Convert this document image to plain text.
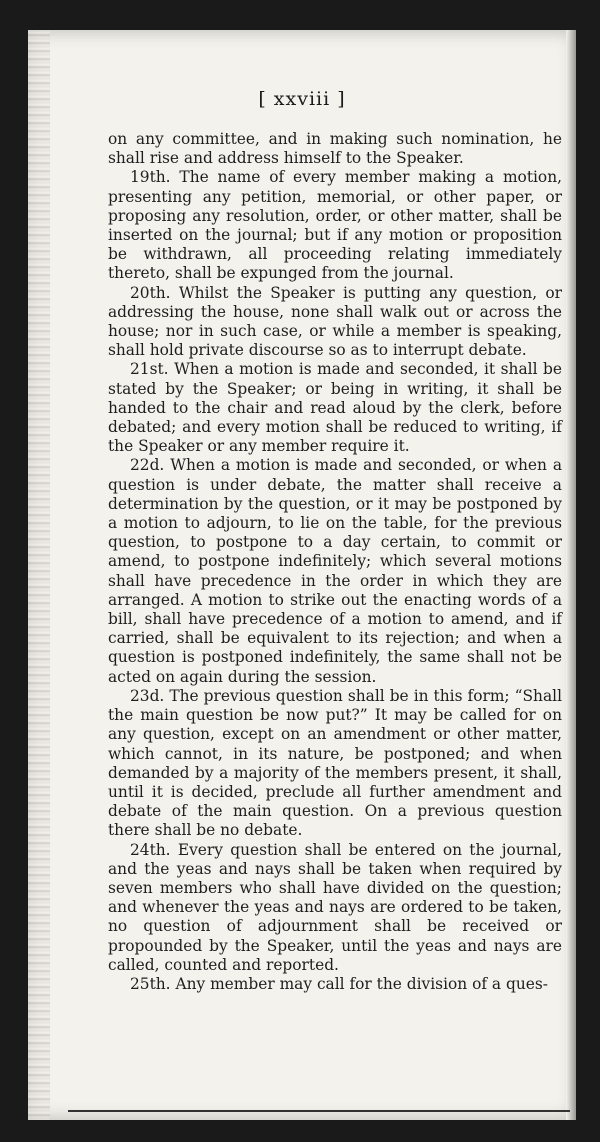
[ xxviii ]

on any committee, and in making such nomination, he shall rise and address himself to the Speaker.

19th. The name of every member making a motion, presenting any petition, memorial, or other paper, or proposing any resolution, order, or other matter, shall be inserted on the journal; but if any motion or proposition be withdrawn, all proceeding relating immediately thereto, shall be expunged from the journal.

20th. Whilst the Speaker is putting any question, or addressing the house, none shall walk out or across the house; nor in such case, or while a member is speaking, shall hold private discourse so as to interrupt debate.

21st. When a motion is made and seconded, it shall be stated by the Speaker; or being in writing, it shall be handed to the chair and read aloud by the clerk, before debated; and every motion shall be reduced to writing, if the Speaker or any member require it.

22d. When a motion is made and seconded, or when a question is under debate, the matter shall receive a determination by the question, or it may be postponed by a motion to adjourn, to lie on the table, for the previous question, to postpone to a day certain, to commit or amend, to postpone indefinitely; which several motions shall have precedence in the order in which they are arranged. A motion to strike out the enacting words of a bill, shall have precedence of a motion to amend, and if carried, shall be equivalent to its rejection; and when a question is postponed indefinitely, the same shall not be acted on again during the session.

23d. The previous question shall be in this form; “Shall the main question be now put?” It may be called for on any question, except on an amendment or other matter, which cannot, in its nature, be postponed; and when demanded by a majority of the members present, it shall, until it is decided, preclude all further amendment and debate of the main question. On a previous question there shall be no debate.

24th. Every question shall be entered on the journal, and the yeas and nays shall be taken when required by seven members who shall have divided on the question; and whenever the yeas and nays are ordered to be taken, no question of adjournment shall be received or propounded by the Speaker, until the yeas and nays are called, counted and reported.

25th. Any member may call for the division of a ques-
